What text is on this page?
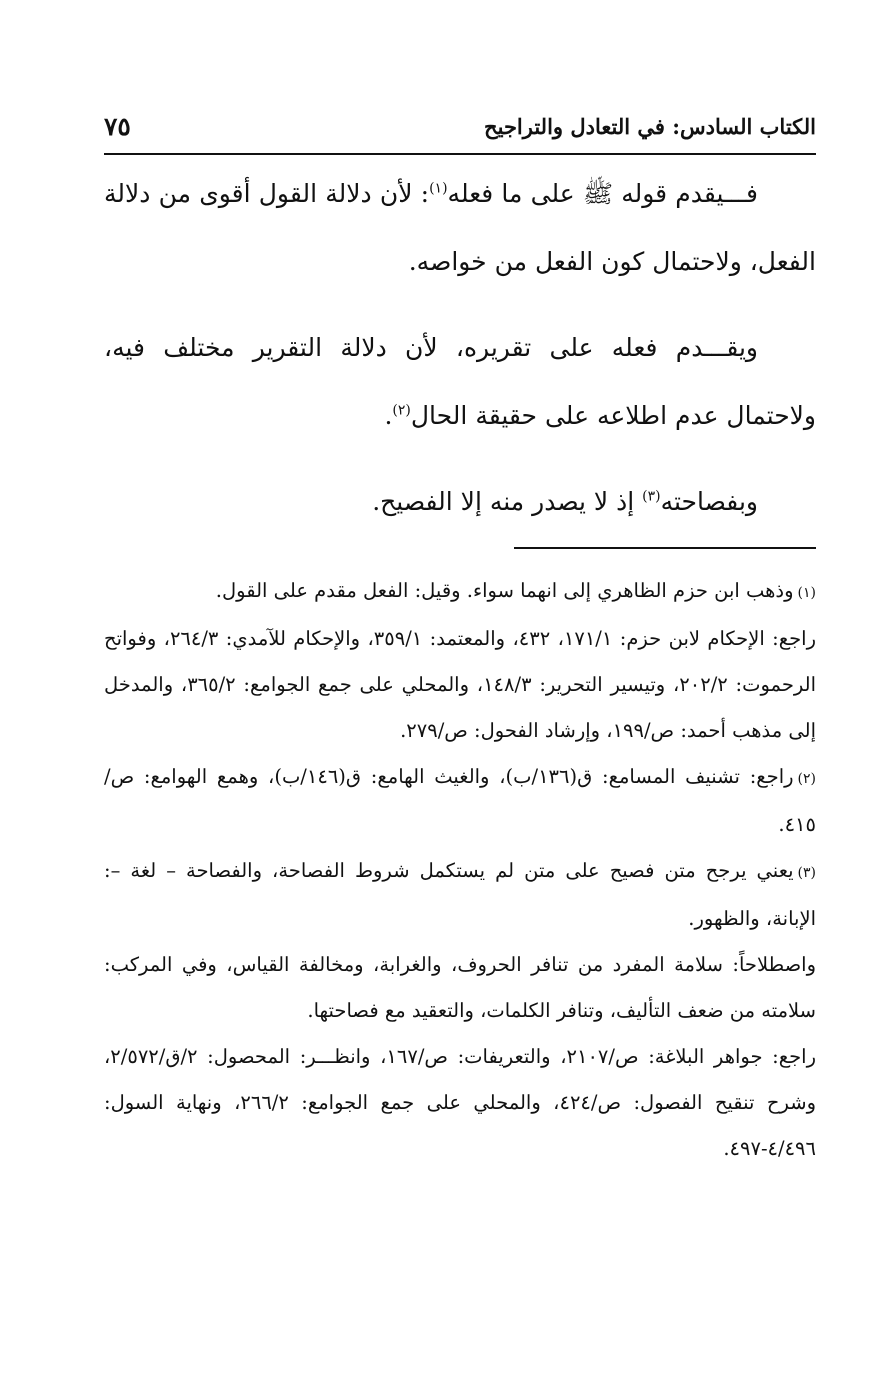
الكتاب السادس: في التعادل والتراجيح
٧٥

فـــيقدم قوله ﷺ على ما فعله$^{(١)}$: لأن دلالة القول أقوى من دلالة الفعل، ولاحتمال كون الفعل من خواصه.

ويقـــدم فعله على تقريره، لأن دلالة التقرير مختلف فيه، ولاحتمال عدم اطلاعه على حقيقة الحال$^{(٢)}$.

وبفصاحته$^{(٣)}$ إذ لا يصدر منه إلا الفصيح.

(١)وذهب ابن حزم الظاهري إلى انهما سواء. وقيل: الفعل مقدم على القول.

راجع: الإحكام لابن حزم: ١٧١/١، ٤٣٢، والمعتمد: ٣٥٩/١، والإحكام للآمدي: ٢٦٤/٣، وفواتح الرحموت: ٢٠٢/٢، وتيسير التحرير: ١٤٨/٣، والمحلي على جمع الجوامع: ٣٦٥/٢، والمدخل إلى مذهب أحمد: ص/١٩٩، وإرشاد الفحول: ص/٢٧٩.

(٢)راجع: تشنيف المسامع: ق(١٣٦/ب)، والغيث الهامع: ق(١٤٦/ب)، وهمع الهوامع: ص/٤١٥.

(٣)يعني يرجح متن فصيح على متن لم يستكمل شروط الفصاحة، والفصاحة – لغة –: الإبانة، والظهور.

واصطلاحاً: سلامة المفرد من تنافر الحروف، والغرابة، ومخالفة القياس، وفي المركب: سلامته من ضعف التأليف، وتنافر الكلمات، والتعقيد مع فصاحتها.

راجع: جواهر البلاغة: ص/٢١٠٧، والتعريفات: ص/١٦٧، وانظـــر: المحصول: ٢/ق/٢/٥٧٢، وشرح تنقيح الفصول: ص/٤٢٤، والمحلي على جمع الجوامع: ٢٦٦/٢، ونهاية السول: ٤/٤٩٦-٤٩٧.
